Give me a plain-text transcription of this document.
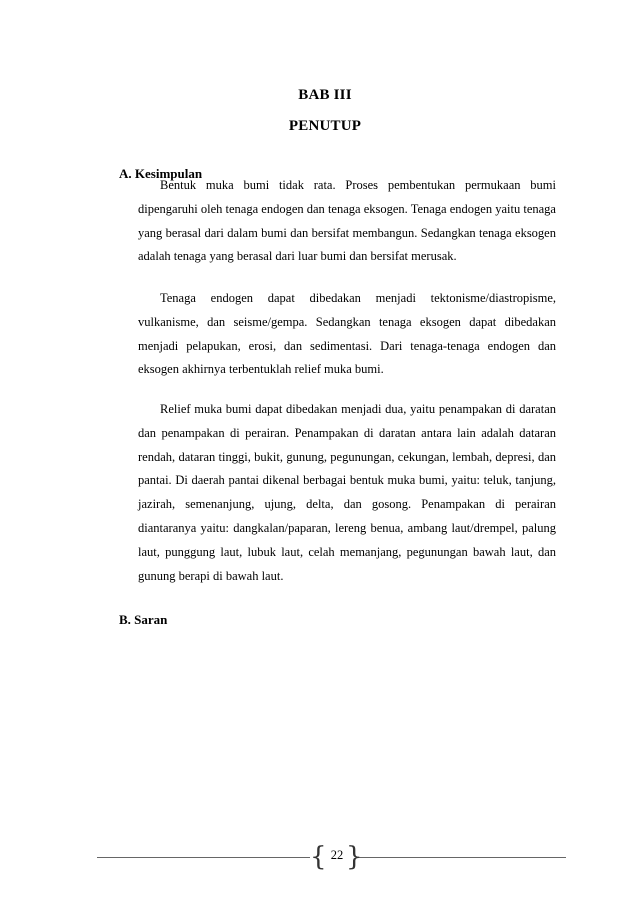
BAB III
PENUTUP
A. Kesimpulan

Bentuk muka bumi tidak rata. Proses pembentukan permukaan bumi dipengaruhi oleh tenaga endogen dan tenaga eksogen. Tenaga endogen yaitu tenaga yang berasal dari dalam bumi dan bersifat membangun. Sedangkan tenaga eksogen adalah tenaga yang berasal dari luar bumi dan bersifat merusak.

Tenaga endogen dapat dibedakan menjadi tektonisme/diastropisme, vulkanisme, dan seisme/gempa. Sedangkan tenaga eksogen dapat dibedakan menjadi pelapukan, erosi, dan sedimentasi. Dari tenaga-tenaga endogen dan eksogen akhirnya terbentuklah relief muka bumi.

Relief muka bumi dapat dibedakan menjadi dua, yaitu penampakan di daratan dan penampakan di perairan. Penampakan di daratan antara lain adalah dataran rendah, dataran tinggi, bukit, gunung, pegunungan, cekungan, lembah, depresi, dan pantai. Di daerah pantai dikenal berbagai bentuk muka bumi, yaitu: teluk, tanjung, jazirah, semenanjung, ujung, delta, dan gosong. Penampakan di perairan diantaranya yaitu: dangkalan/paparan, lereng benua, ambang laut/drempel, palung laut, punggung laut, lubuk laut, celah memanjang, pegunungan bawah laut, dan gunung berapi di bawah laut.

B. Saran
{ 22 }
